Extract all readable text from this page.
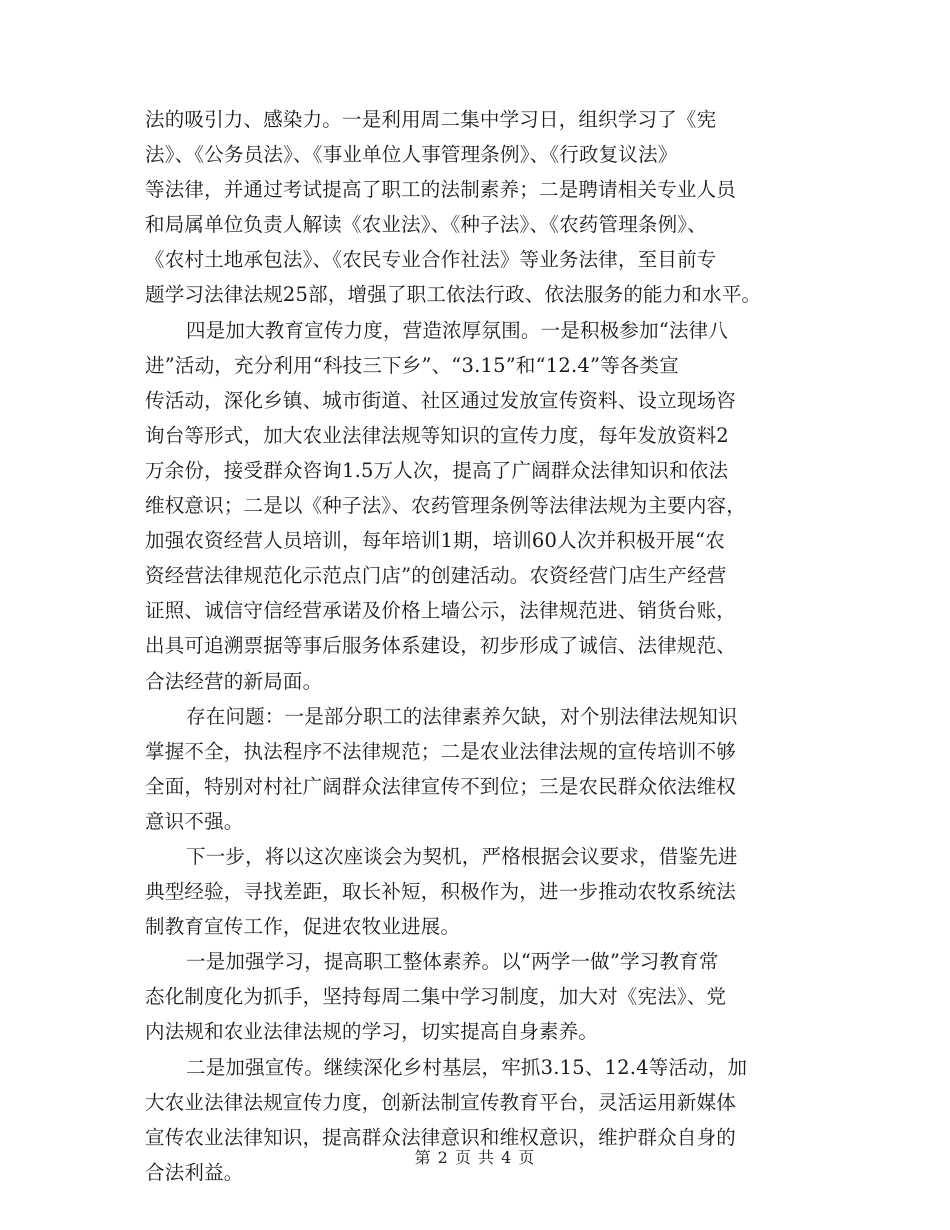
法的吸引力、感染力。一是利用周二集中学习日，组织学习了《宪
法》、《公务员法》、《事业单位人事管理条例》、《行政复议法》
等法律，并通过考试提高了职工的法制素养；二是聘请相关专业人员
和局属单位负责人解读《农业法》、《种子法》、《农药管理条例》、
《农村土地承包法》、《农民专业合作社法》等业务法律，至目前专
题学习法律法规25部，增强了职工依法行政、依法服务的能力和水平。
四是加大教育宣传力度，营造浓厚氛围。一是积极参加“法律八
进”活动，充分利用“科技三下乡”、“3.15”和“12.4”等各类宣
传活动，深化乡镇、城市街道、社区通过发放宣传资料、设立现场咨
询台等形式，加大农业法律法规等知识的宣传力度，每年发放资料2
万余份，接受群众咨询1.5万人次，提高了广阔群众法律知识和依法
维权意识；二是以《种子法》、农药管理条例等法律法规为主要内容，
加强农资经营人员培训，每年培训1期，培训60人次并积极开展“农
资经营法律规范化示范点门店”的创建活动。农资经营门店生产经营
证照、诚信守信经营承诺及价格上墙公示，法律规范进、销货台账，
出具可追溯票据等事后服务体系建设，初步形成了诚信、法律规范、
合法经营的新局面。
存在问题：一是部分职工的法律素养欠缺，对个别法律法规知识
掌握不全，执法程序不法律规范；二是农业法律法规的宣传培训不够
全面，特别对村社广阔群众法律宣传不到位；三是农民群众依法维权
意识不强。
下一步，将以这次座谈会为契机，严格根据会议要求，借鉴先进
典型经验，寻找差距，取长补短，积极作为，进一步推动农牧系统法
制教育宣传工作，促进农牧业进展。
一是加强学习，提高职工整体素养。以“两学一做”学习教育常
态化制度化为抓手，坚持每周二集中学习制度，加大对《宪法》、党
内法规和农业法律法规的学习，切实提高自身素养。
二是加强宣传。继续深化乡村基层，牢抓3.15、12.4等活动，加
大农业法律法规宣传力度，创新法制宣传教育平台，灵活运用新媒体
宣传农业法律知识，提高群众法律意识和维权意识，维护群众自身的
合法利益。
第 2 页 共 4 页
